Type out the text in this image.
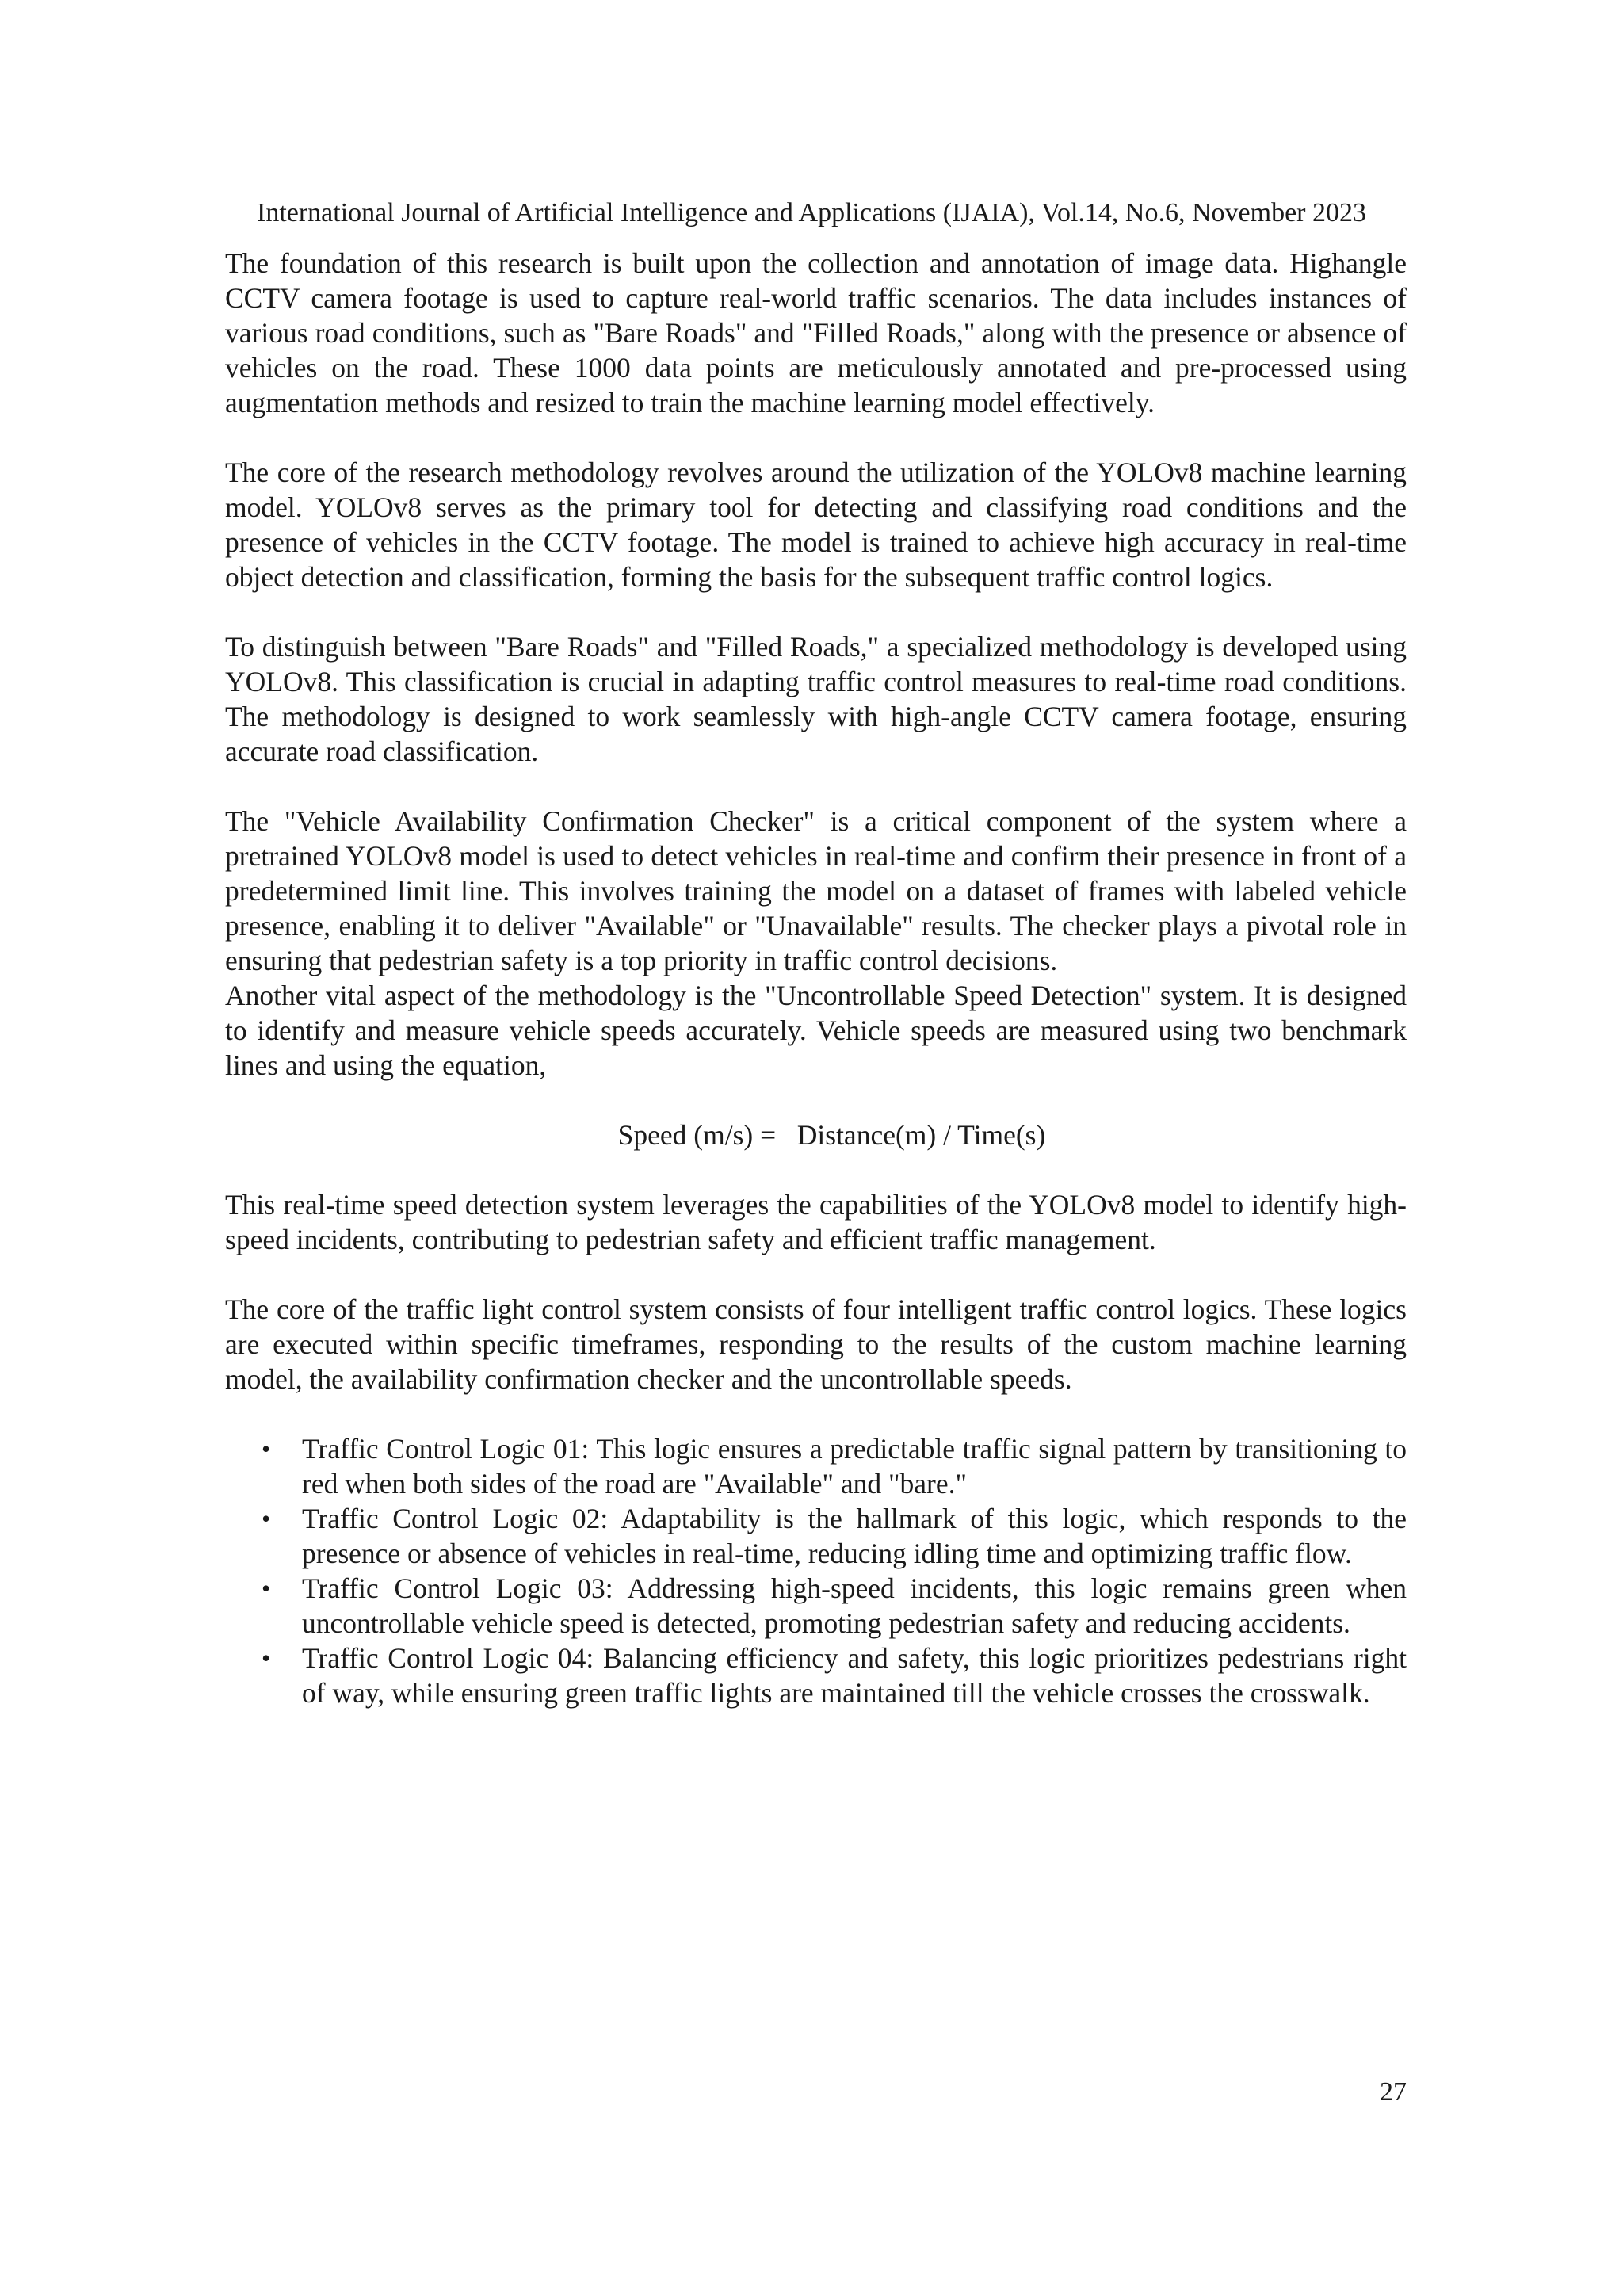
International Journal of Artificial Intelligence and Applications (IJAIA), Vol.14, No.6, November 2023

The foundation of this research is built upon the collection and annotation of image data. Highangle CCTV camera footage is used to capture real-world traffic scenarios. The data includes instances of various road conditions, such as "Bare Roads" and "Filled Roads," along with the presence or absence of vehicles on the road. These 1000 data points are meticulously annotated and pre-processed using augmentation methods and resized to train the machine learning model effectively.

The core of the research methodology revolves around the utilization of the YOLOv8 machine learning model. YOLOv8 serves as the primary tool for detecting and classifying road conditions and the presence of vehicles in the CCTV footage. The model is trained to achieve high accuracy in real-time object detection and classification, forming the basis for the subsequent traffic control logics.

To distinguish between "Bare Roads" and "Filled Roads," a specialized methodology is developed using YOLOv8. This classification is crucial in adapting traffic control measures to real-time road conditions. The methodology is designed to work seamlessly with high-angle CCTV camera footage, ensuring accurate road classification.

The "Vehicle Availability Confirmation Checker" is a critical component of the system where a pretrained YOLOv8 model is used to detect vehicles in real-time and confirm their presence in front of a predetermined limit line. This involves training the model on a dataset of frames with labeled vehicle presence, enabling it to deliver "Available" or "Unavailable" results. The checker plays a pivotal role in ensuring that pedestrian safety is a top priority in traffic control decisions.

Another vital aspect of the methodology is the "Uncontrollable Speed Detection" system. It is designed to identify and measure vehicle speeds accurately. Vehicle speeds are measured using two benchmark lines and using the equation,

Speed (m/s) =   Distance(m) / Time(s)

This real-time speed detection system leverages the capabilities of the YOLOv8 model to identify high-speed incidents, contributing to pedestrian safety and efficient traffic management.

The core of the traffic light control system consists of four intelligent traffic control logics. These logics are executed within specific timeframes, responding to the results of the custom machine learning model, the availability confirmation checker and the uncontrollable speeds.

• Traffic Control Logic 01: This logic ensures a predictable traffic signal pattern by transitioning to red when both sides of the road are "Available" and "bare."
• Traffic Control Logic 02: Adaptability is the hallmark of this logic, which responds to the presence or absence of vehicles in real-time, reducing idling time and optimizing traffic flow.
• Traffic Control Logic 03: Addressing high-speed incidents, this logic remains green when uncontrollable vehicle speed is detected, promoting pedestrian safety and reducing accidents.
• Traffic Control Logic 04: Balancing efficiency and safety, this logic prioritizes pedestrians right of way, while ensuring green traffic lights are maintained till the vehicle crosses the crosswalk.
27
